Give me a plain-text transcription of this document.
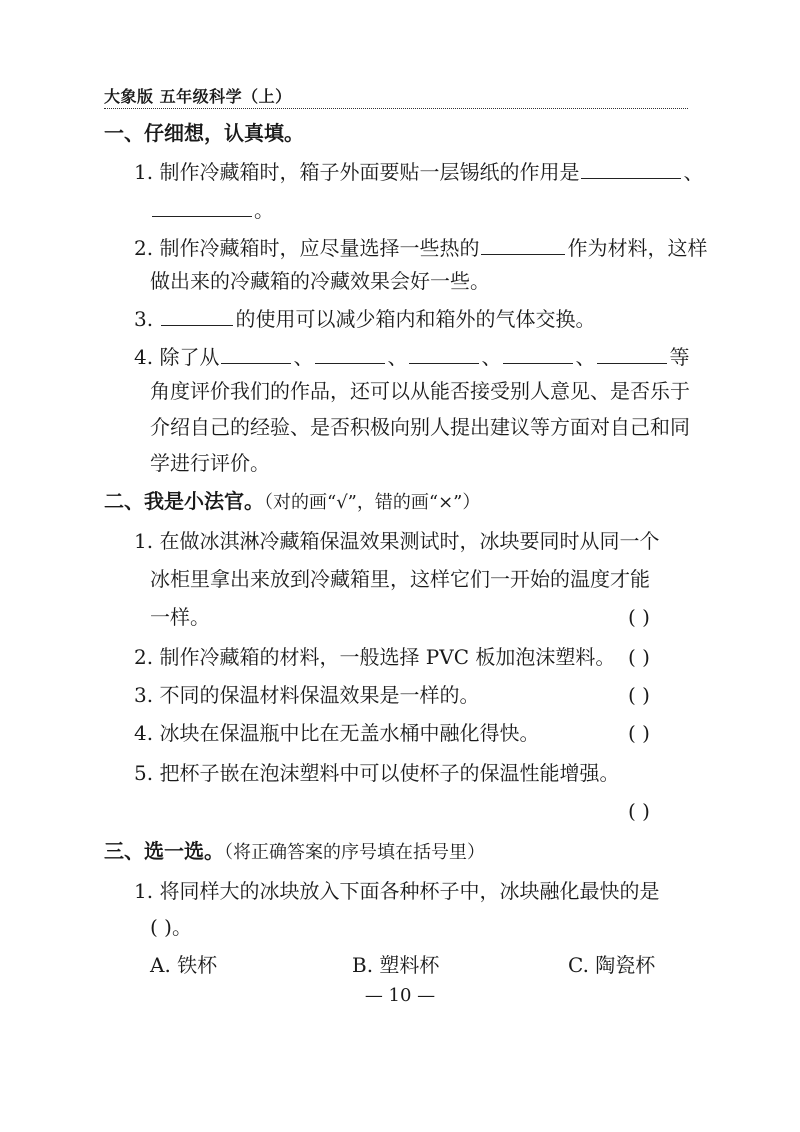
大象版 五年级科学（上）
一、仔细想，认真填。
1. 制作冷藏箱时，箱子外面要贴一层锡纸的作用是	、
。
2. 制作冷藏箱时，应尽量选择一些热的	作为材料，这样
做出来的冷藏箱的冷藏效果会好一些。
3.	的使用可以减少箱内和箱外的气体交换。
4. 除了从	、	、	、	、	等
角度评价我们的作品，还可以从能否接受别人意见、是否乐于
介绍自己的经验、是否积极向别人提出建议等方面对自己和同
学进行评价。
二、我是小法官。（对的画“√”，错的画“×”）
1. 在做冰淇淋冷藏箱保温效果测试时，冰块要同时从同一个
冰柜里拿出来放到冷藏箱里，这样它们一开始的温度才能
一样。	( )
2. 制作冷藏箱的材料，一般选择 PVC 板加泡沫塑料。 ( )
3. 不同的保温材料保温效果是一样的。	( )
4. 冰块在保温瓶中比在无盖水桶中融化得快。	( )
5. 把杯子嵌在泡沫塑料中可以使杯子的保温性能增强。
( )
三、选一选。（将正确答案的序号填在括号里）
1. 将同样大的冰块放入下面各种杯子中，冰块融化最快的是
( )。
A. 铁杯	B. 塑料杯	C. 陶瓷杯
— 10 —
